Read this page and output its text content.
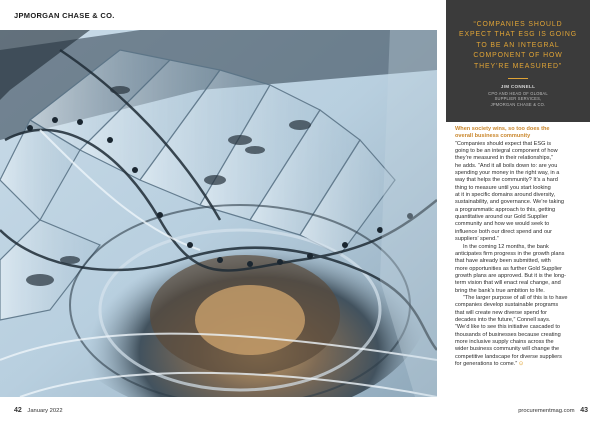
JPMORGAN CHASE & CO.
“COMPANIES SHOULD EXPECT THAT ESG IS GOING TO BE AN INTEGRAL COMPONENT OF HOW THEY’RE MEASURED”
JIM CONNELL
CPO AND HEAD OF GLOBAL
SUPPLIER SERVICES,
JPMORGAN CHASE & CO.

When society wins, so too does the
overall business community

“Companies should expect that ESG is
going to be an integral component of how
they’re measured in their relationships,”
he adds. “And it all boils down to: are you
spending your money in the right way, in a
way that helps the community? It’s a hard
thing to measure until you start looking
at it in specific domains around diversity,
sustainability, and governance. We’re taking
a programmatic approach to this, getting
quantitative around our Gold Supplier
community and how we would seek to
influence both our direct spend and our
suppliers’ spend.”

In the coming 12 months, the bank
anticipates firm progress in the growth plans
that have already been submitted, with
more opportunities as further Gold Supplier
growth plans are approved. But it is the long-
term vision that will enact real change, and
bring the bank’s true ambition to life.

“The larger purpose of all of this is to have
companies develop sustainable programs
that will create new diverse spend for
decades into the future,” Connell says.
“We’d like to see this initiative cascaded to
thousands of businesses because creating
more inclusive supply chains across the
wider business community will change the
competitive landscape for diverse suppliers
for generations to come.” ⊙

42 January 2022	procurementmag.com 43
